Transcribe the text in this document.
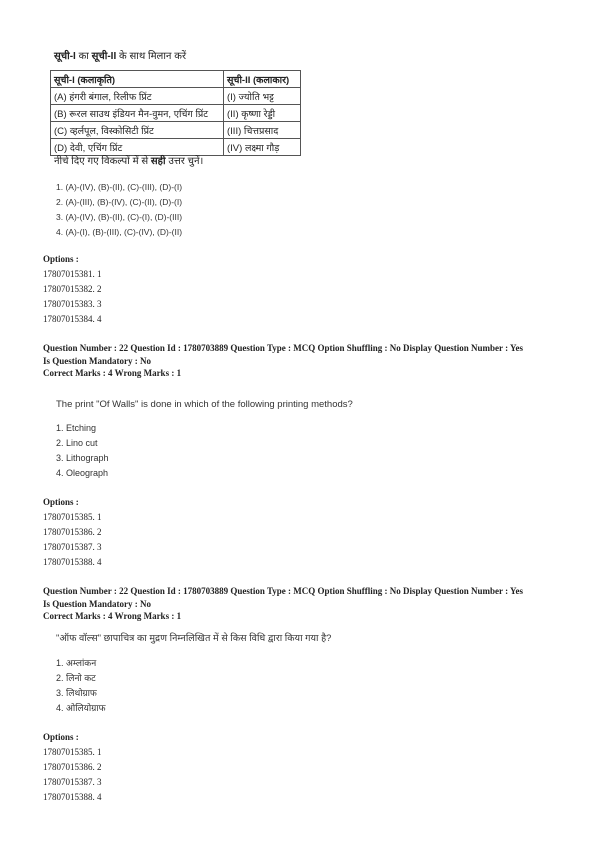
सूची-I का सूची-II के साथ मिलान करें
सूची-I (कलाकृति)	सूची-II (कलाकार)
(A) हंगरी बंगाल, रिलीफ प्रिंट	(I) ज्योति भट्ट
(B) रूरल साउथ इंडियन मैन-वुमन, एचिंग प्रिंट	(II) कृष्णा रेड्डी
(C) व्हर्लपूल, विस्कोसिटी प्रिंट	(III) चित्तप्रसाद
(D) देवी, एचिंग प्रिंट	(IV) लक्ष्मा गौड़
नीचे दिए गए विकल्पों में से सही उत्तर चुनें।
1. (A)-(IV), (B)-(II), (C)-(III), (D)-(I)
2. (A)-(III), (B)-(IV), (C)-(II), (D)-(I)
3. (A)-(IV), (B)-(II), (C)-(I), (D)-(III)
4. (A)-(I), (B)-(III), (C)-(IV), (D)-(II)
Options :
17807015381. 1
17807015382. 2
17807015383. 3
17807015384. 4
Question Number : 22 Question Id : 1780703889 Question Type : MCQ Option Shuffling : No Display Question Number : Yes
Is Question Mandatory : No
Correct Marks : 4 Wrong Marks : 1
The print "Of Walls" is done in which of the following printing methods?
1. Etching
2. Lino cut
3. Lithograph
4. Oleograph
Options :
17807015385. 1
17807015386. 2
17807015387. 3
17807015388. 4
Question Number : 22 Question Id : 1780703889 Question Type : MCQ Option Shuffling : No Display Question Number : Yes
Is Question Mandatory : No
Correct Marks : 4 Wrong Marks : 1
"ऑफ वॉल्स" छापाचित्र का मुद्रण निम्नलिखित में से किस विधि द्वारा किया गया है?
1. अम्लांकन
2. लिनो कट
3. लिथोग्राफ
4. ओलियोग्राफ
Options :
17807015385. 1
17807015386. 2
17807015387. 3
17807015388. 4
